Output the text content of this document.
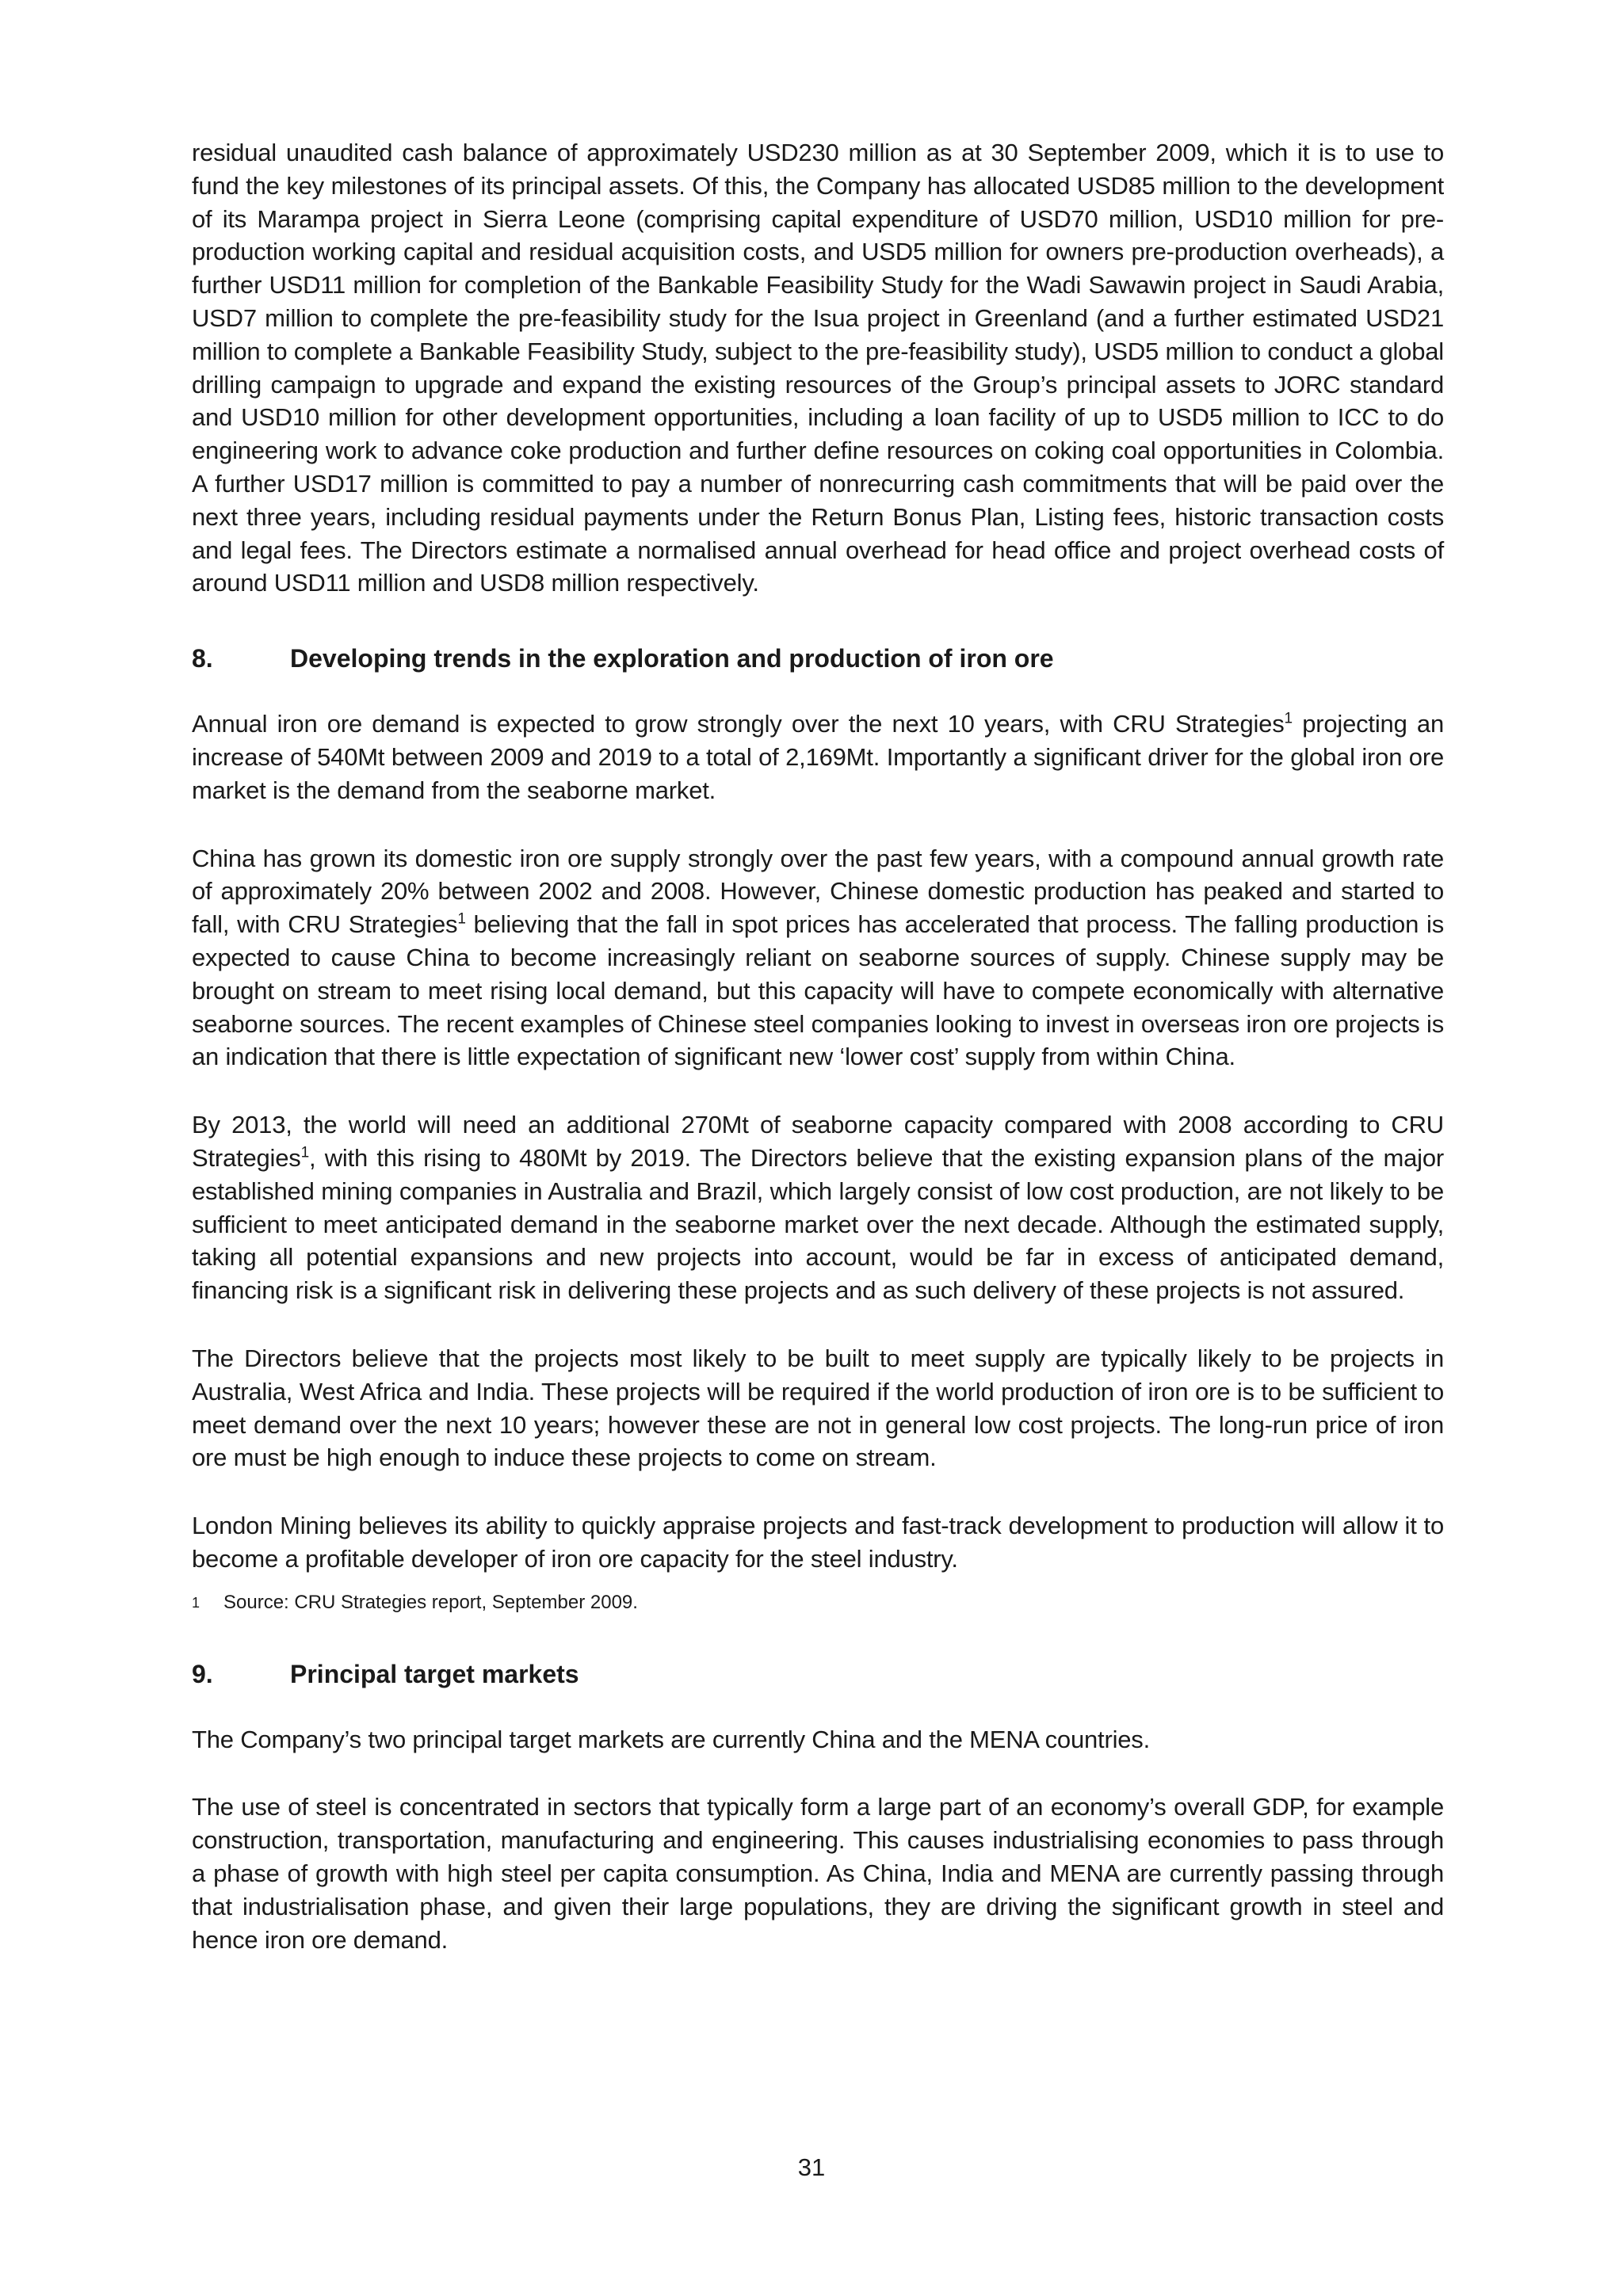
residual unaudited cash balance of approximately USD230 million as at 30 September 2009, which it is to use to fund the key milestones of its principal assets. Of this, the Company has allocated USD85 million to the development of its Marampa project in Sierra Leone (comprising capital expenditure of USD70 million, USD10 million for pre-production working capital and residual acquisition costs, and USD5 million for owners pre-production overheads), a further USD11 million for completion of the Bankable Feasibility Study for the Wadi Sawawin project in Saudi Arabia, USD7 million to complete the pre-feasibility study for the Isua project in Greenland (and a further estimated USD21 million to complete a Bankable Feasibility Study, subject to the pre-feasibility study), USD5 million to conduct a global drilling campaign to upgrade and expand the existing resources of the Group’s principal assets to JORC standard and USD10 million for other development opportunities, including a loan facility of up to USD5 million to ICC to do engineering work to advance coke production and further define resources on coking coal opportunities in Colombia. A further USD17 million is committed to pay a number of nonrecurring cash commitments that will be paid over the next three years, including residual payments under the Return Bonus Plan, Listing fees, historic transaction costs and legal fees. The Directors estimate a normalised annual overhead for head office and project overhead costs of around USD11 million and USD8 million respectively.

8.	Developing trends in the exploration and production of iron ore

Annual iron ore demand is expected to grow strongly over the next 10 years, with CRU Strategies$^1$ projecting an increase of 540Mt between 2009 and 2019 to a total of 2,169Mt. Importantly a significant driver for the global iron ore market is the demand from the seaborne market.

China has grown its domestic iron ore supply strongly over the past few years, with a compound annual growth rate of approximately 20% between 2002 and 2008. However, Chinese domestic production has peaked and started to fall, with CRU Strategies$^1$ believing that the fall in spot prices has accelerated that process. The falling production is expected to cause China to become increasingly reliant on seaborne sources of supply. Chinese supply may be brought on stream to meet rising local demand, but this capacity will have to compete economically with alternative seaborne sources. The recent examples of Chinese steel companies looking to invest in overseas iron ore projects is an indication that there is little expectation of significant new ‘lower cost’ supply from within China.

By 2013, the world will need an additional 270Mt of seaborne capacity compared with 2008 according to CRU Strategies$^1$, with this rising to 480Mt by 2019. The Directors believe that the existing expansion plans of the major established mining companies in Australia and Brazil, which largely consist of low cost production, are not likely to be sufficient to meet anticipated demand in the seaborne market over the next decade. Although the estimated supply, taking all potential expansions and new projects into account, would be far in excess of anticipated demand, financing risk is a significant risk in delivering these projects and as such delivery of these projects is not assured.

The Directors believe that the projects most likely to be built to meet supply are typically likely to be projects in Australia, West Africa and India. These projects will be required if the world production of iron ore is to be sufficient to meet demand over the next 10 years; however these are not in general low cost projects. The long-run price of iron ore must be high enough to induce these projects to come on stream.

London Mining believes its ability to quickly appraise projects and fast-track development to production will allow it to become a profitable developer of iron ore capacity for the steel industry.

1	Source: CRU Strategies report, September 2009.
9.	Principal target markets

The Company’s two principal target markets are currently China and the MENA countries.

The use of steel is concentrated in sectors that typically form a large part of an economy’s overall GDP, for example construction, transportation, manufacturing and engineering. This causes industrialising economies to pass through a phase of growth with high steel per capita consumption. As China, India and MENA are currently passing through that industrialisation phase, and given their large populations, they are driving the significant growth in steel and hence iron ore demand.

31
